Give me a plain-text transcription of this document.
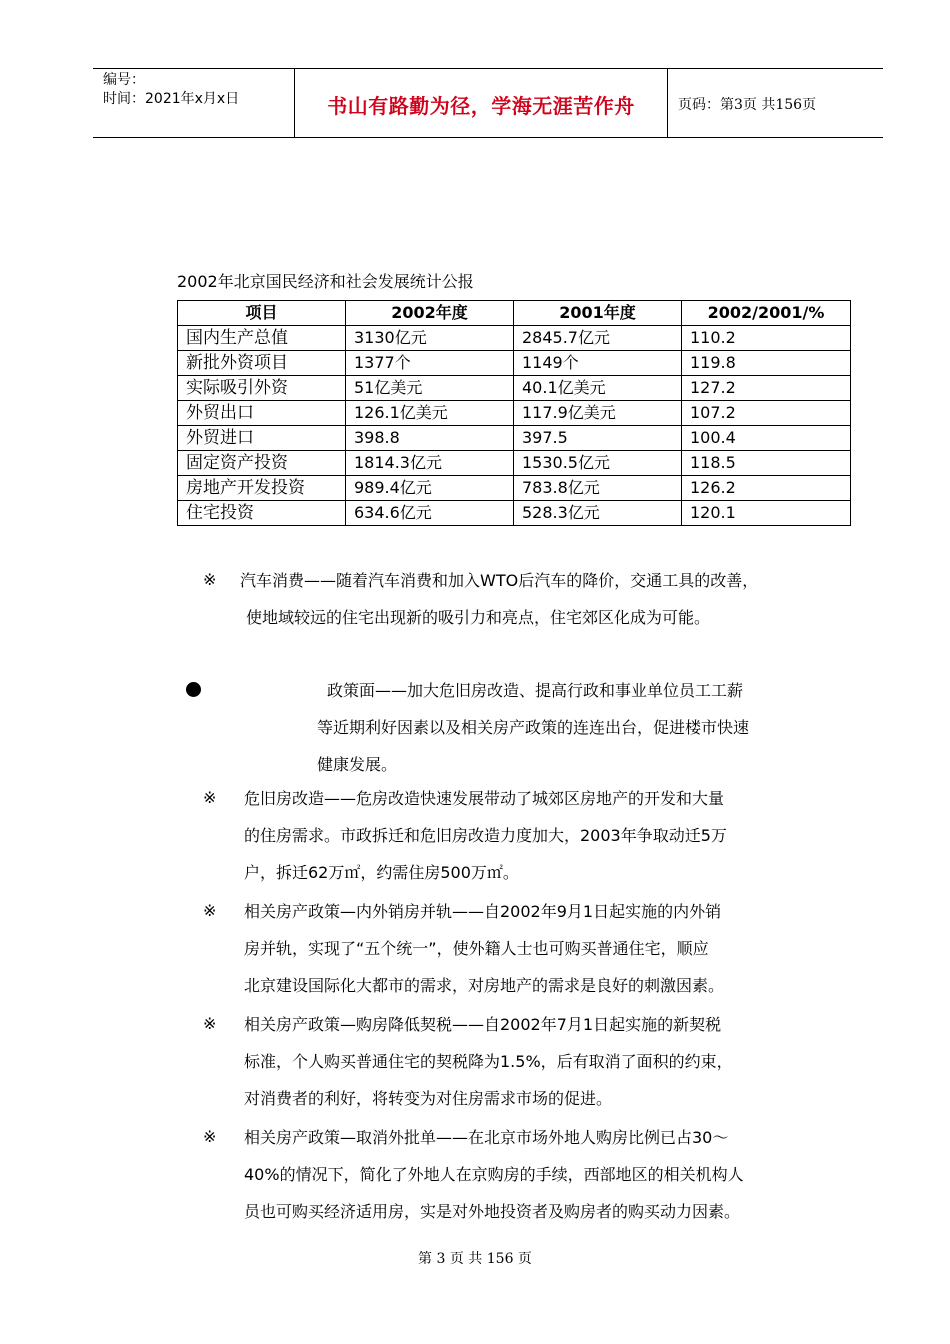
编号：
时间：2021年x月x日	书山有路勤为径，学海无涯苦作舟	页码：第3页 共156页
2002年北京国民经济和社会发展统计公报
项目	2002年度	2001年度	2002/2001/%
国内生产总值	3130亿元	2845.7亿元	110.2
新批外资项目	1377个	1149个	119.8
实际吸引外资	51亿美元	40.1亿美元	127.2
外贸出口	126.1亿美元	117.9亿美元	107.2
外贸进口	398.8	397.5	100.4
固定资产投资	1814.3亿元	1530.5亿元	118.5
房地产开发投资	989.4亿元	783.8亿元	126.2
住宅投资	634.6亿元	528.3亿元	120.1
※ 汽车消费——随着汽车消费和加入WTO后汽车的降价，交通工具的改善，
使地域较远的住宅出现新的吸引力和亮点，住宅郊区化成为可能。
政策面——加大危旧房改造、提高行政和事业单位员工工薪
等近期利好因素以及相关房产政策的连连出台，促进楼市快速
健康发展。
※ 危旧房改造——危房改造快速发展带动了城郊区房地产的开发和大量
的住房需求。市政拆迁和危旧房改造力度加大，2003年争取动迁5万
户，拆迁62万㎡，约需住房500万㎡。
※ 相关房产政策—内外销房并轨——自2002年9月1日起实施的内外销
房并轨，实现了“五个统一”，使外籍人士也可购买普通住宅，顺应
北京建设国际化大都市的需求，对房地产的需求是良好的刺激因素。
※ 相关房产政策—购房降低契税——自2002年7月1日起实施的新契税
标准，个人购买普通住宅的契税降为1.5%，后有取消了面积的约束，
对消费者的利好，将转变为对住房需求市场的促进。
※ 相关房产政策—取消外批单——在北京市场外地人购房比例已占30～
40%的情况下，简化了外地人在京购房的手续，西部地区的相关机构人
员也可购买经济适用房，实是对外地投资者及购房者的购买动力因素。
第 3 页 共 156 页
